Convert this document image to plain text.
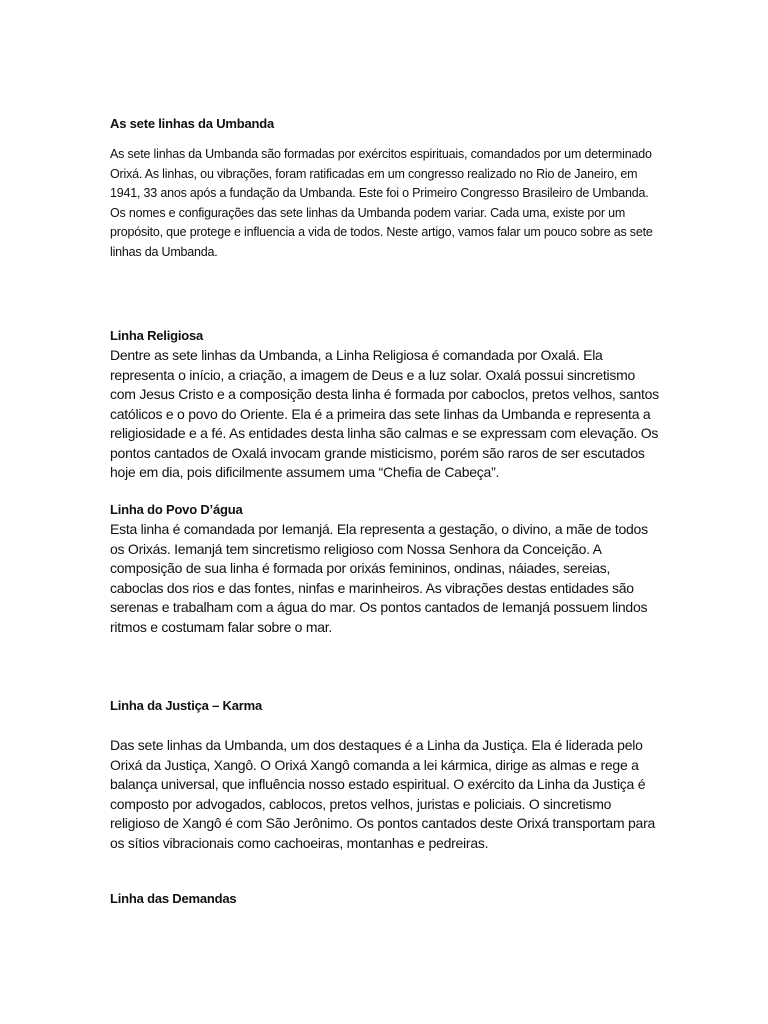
As sete linhas da Umbanda
As sete linhas da Umbanda são formadas por exércitos espirituais, comandados por um determinado Orixá. As linhas, ou vibrações, foram ratificadas em um congresso realizado no Rio de Janeiro, em 1941, 33 anos após a fundação da Umbanda. Este foi o Primeiro Congresso Brasileiro de Umbanda. Os nomes e configurações das sete linhas da Umbanda podem variar. Cada uma, existe por um propósito, que protege e influencia a vida de todos. Neste artigo, vamos falar um pouco sobre as sete linhas da Umbanda.
Linha Religiosa
Dentre as sete linhas da Umbanda, a Linha Religiosa é comandada por Oxalá. Ela representa o início, a criação, a imagem de Deus e a luz solar. Oxalá possui sincretismo com Jesus Cristo e a composição desta linha é formada por caboclos, pretos velhos, santos católicos e o povo do Oriente. Ela é a primeira das sete linhas da Umbanda e representa a religiosidade e a fé. As entidades desta linha são calmas e se expressam com elevação. Os pontos cantados de Oxalá invocam grande misticismo, porém são raros de ser escutados hoje em dia, pois dificilmente assumem uma “Chefia de Cabeça”.
Linha do Povo D’água
Esta linha é comandada por Iemanjá. Ela representa a gestação, o divino, a mãe de todos os Orixás. Iemanjá tem sincretismo religioso com Nossa Senhora da Conceição. A composição de sua linha é formada por orixás femininos, ondinas, náiades, sereias, caboclas dos rios e das fontes, ninfas e marinheiros. As vibrações destas entidades são serenas e trabalham com a água do mar. Os pontos cantados de Iemanjá possuem lindos ritmos e costumam falar sobre o mar.
Linha da Justiça – Karma
Das sete linhas da Umbanda, um dos destaques é a Linha da Justiça. Ela é liderada pelo Orixá da Justiça, Xangô. O Orixá Xangô comanda a lei kármica, dirige as almas e rege a balança universal, que influência nosso estado espiritual. O exército da Linha da Justiça é composto por advogados, cablocos, pretos velhos, juristas e policiais. O sincretismo religioso de Xangô é com São Jerônimo. Os pontos cantados deste Orixá transportam para os sítios vibracionais como cachoeiras, montanhas e pedreiras.
Linha das Demandas
